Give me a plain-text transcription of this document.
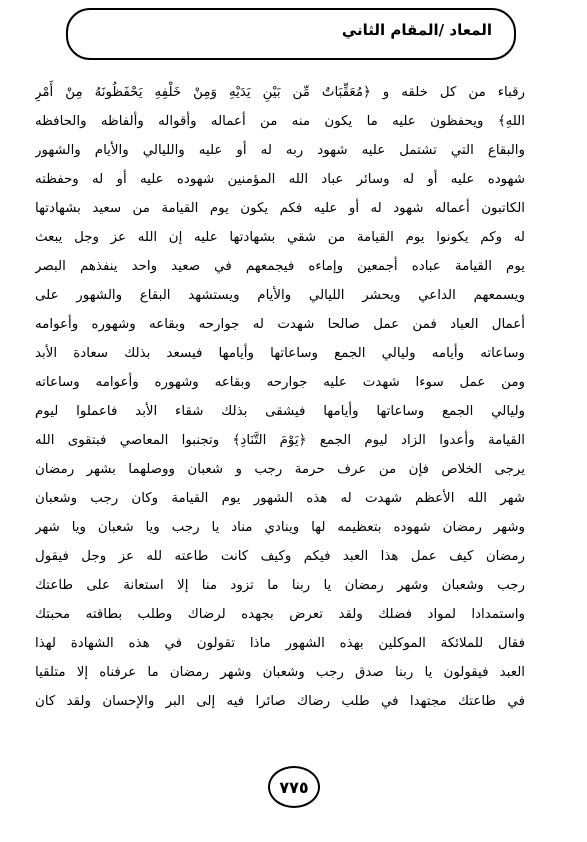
المعاد /المقام الثاني
رقباء من كل خلقه و ﴿مُعَقِّبَاتٌ مِّن بَيْنِ يَدَيْهِ وَمِنْ خَلْفِهِ يَحْفَظُونَهُ مِنْ أَمْرِ
اللهِ﴾ ويحفظون عليه ما يكون منه من أعماله وأقواله وألفاظه والحافظه
والبقاع التي تشتمل عليه شهود ربه له أو عليه والليالي والأيام والشهور
شهوده عليه أو له وسائر عباد الله المؤمنين شهوده عليه أو له وحفظته
الكاتبون أعماله شهود له أو عليه فكم يكون يوم القيامة من سعيد بشهادتها
له وكم يكونوا يوم القيامة من شقي بشهادتها عليه إن الله عز وجل يبعث
يوم القيامة عباده أجمعين وإماءه فيجمعهم في صعيد واحد ينفذهم البصر
ويسمعهم الداعي ويحشر الليالي والأيام ويستشهد البقاع والشهور على
أعمال العباد فمن عمل صالحا شهدت له جوارحه وبقاعه وشهوره وأعوامه
وساعاته وأيامه وليالي الجمع وساعاتها وأيامها فيسعد بذلك سعادة الأبد
ومن عمل سوءا شهدت عليه جوارحه وبقاعه وشهوره وأعوامه وساعاته
وليالي الجمع وساعاتها وأيامها فيشقى بذلك شقاء الأبد فاعملوا ليوم
القيامة وأعدوا الزاد ليوم الجمع ﴿يَوْمَ التَّنَادِ﴾ وتجنبوا المعاصي فبتقوى الله
يرجى الخلاص فإن من عرف حرمة رجب و شعبان ووصلهما بشهر رمضان
شهر الله الأعظم شهدت له هذه الشهور يوم القيامة وكان رجب وشعبان
وشهر رمضان شهوده بتعظيمه لها وينادي مناد يا رجب ويا شعبان ويا شهر
رمضان كيف عمل هذا العبد فيكم وكيف كانت طاعته لله عز وجل فيقول
رجب وشعبان وشهر رمضان يا ربنا ما تزود منا إلا استعانة على طاعتك
واستمدادا لمواد فضلك ولقد تعرض بجهده لرضاك وطلب بطاقته محبتك
فقال للملائكة الموكلين بهذه الشهور ماذا تقولون في هذه الشهادة لهذا
العبد فيقولون يا ربنا صدق رجب وشعبان وشهر رمضان ما عرفناه إلا متلقيا
في طاعتك مجتهدا في طلب رضاك صائرا فيه إلى البر والإحسان ولقد كان
٧٧٥
